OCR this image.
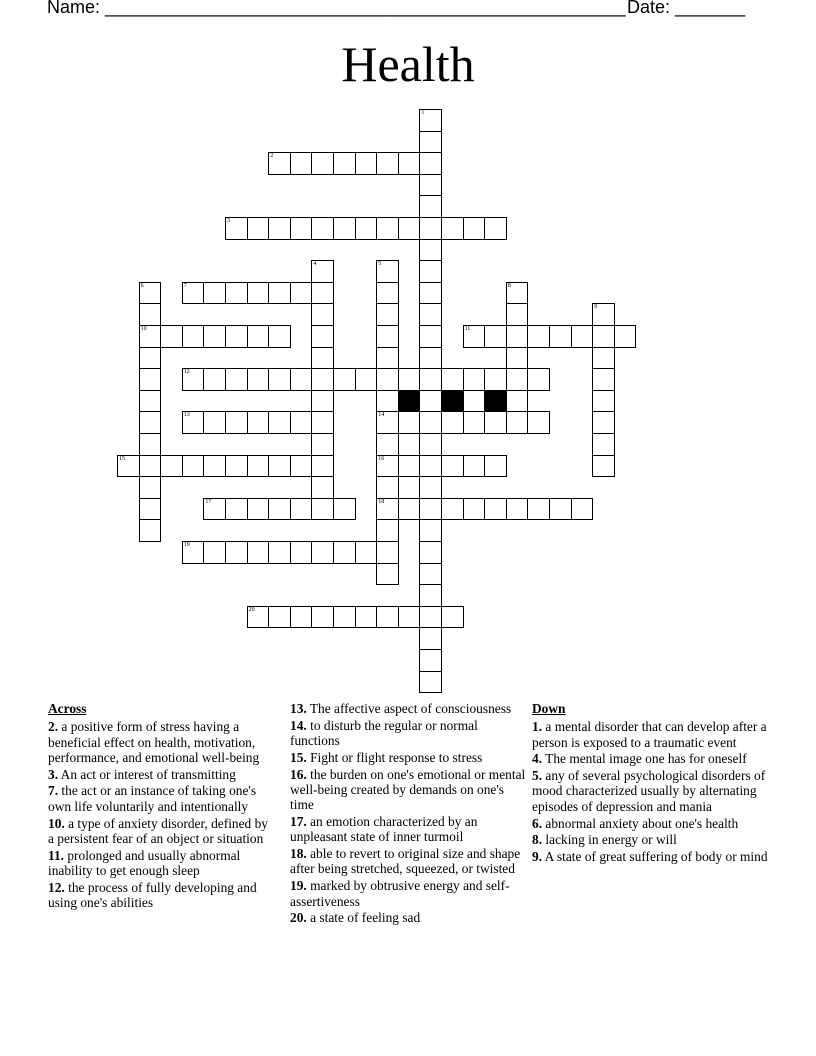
Name: ____________________________________________________ Date: _______
Health
2
3
7
10	11
12
13	14
15	16
17	18
19
20
1
4	5
6	8
9
Across
2. a positive form of stress having a beneficial effect on health, motivation, performance, and emotional well-being
3. An act or interest of transmitting
7. the act or an instance of taking one's own life voluntarily and intentionally
10. a type of anxiety disorder, defined by a persistent fear of an object or situation
11. prolonged and usually abnormal inability to get enough sleep
12. the process of fully developing and using one's abilities
13. The affective aspect of consciousness
14. to disturb the regular or normal functions
15. Fight or flight response to stress
16. the burden on one's emotional or mental well-being created by demands on one's time
17. an emotion characterized by an unpleasant state of inner turmoil
18. able to revert to original size and shape after being stretched, squeezed, or twisted
19. marked by obtrusive energy and self-assertiveness
20. a state of feeling sad
Down
1. a mental disorder that can develop after a person is exposed to a traumatic event
4. The mental image one has for oneself
5. any of several psychological disorders of mood characterized usually by alternating episodes of depression and mania
6. abnormal anxiety about one's health
8. lacking in energy or will
9. A state of great suffering of body or mind
